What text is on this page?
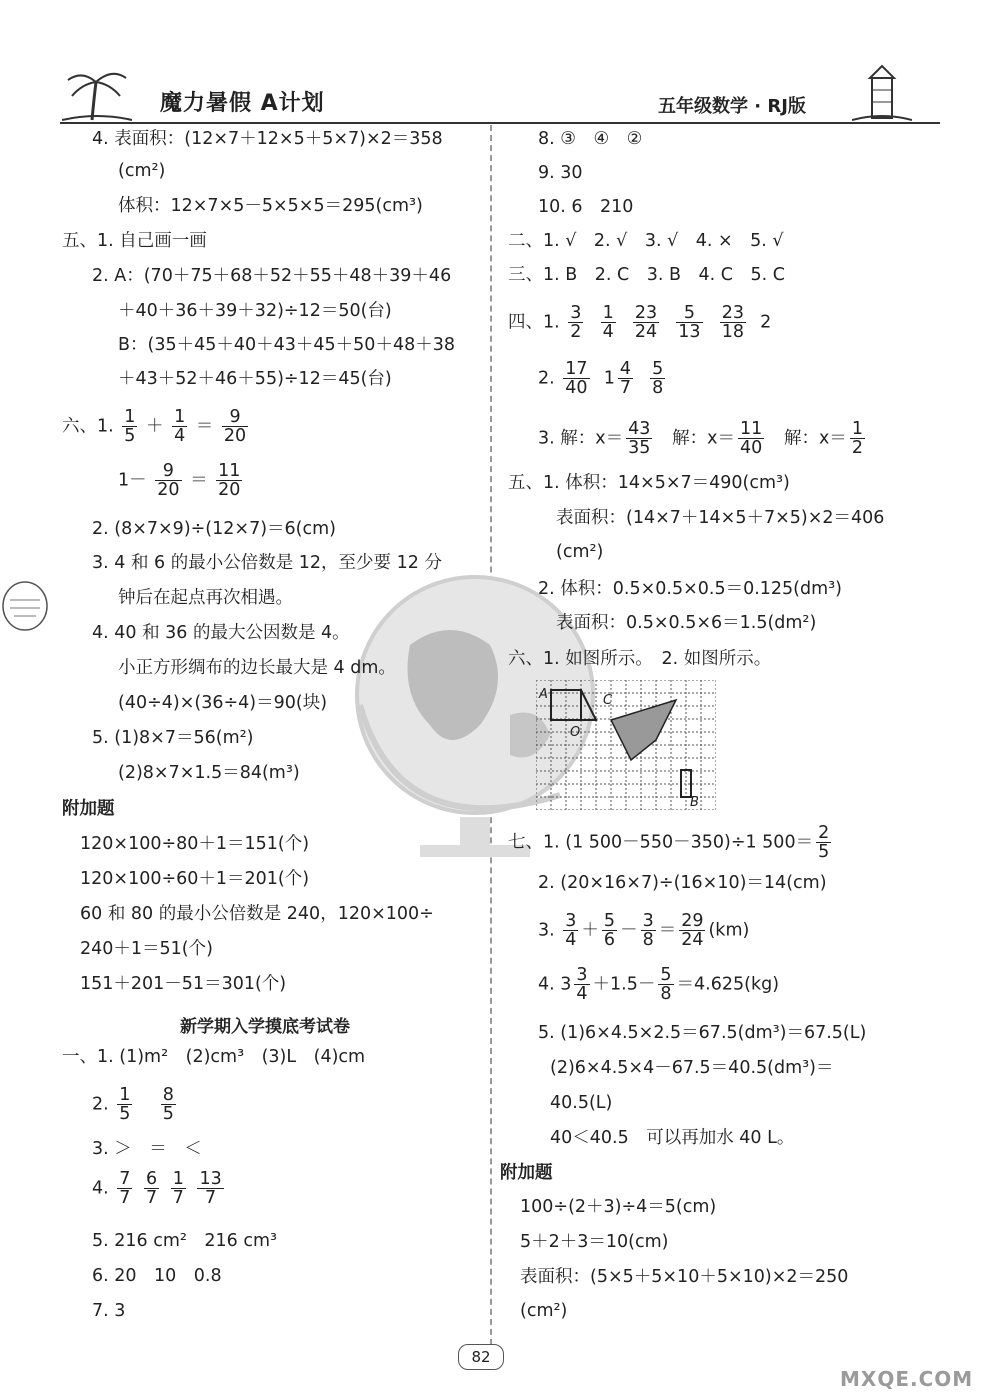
魔力暑假 A计划	五年级数学 · RJ版
4. 表面积：(12×7＋12×5＋5×7)×2＝358
(cm²)
体积：12×7×5－5×5×5＝295(cm³)
五、1. 自己画一画
2. A：(70＋75＋68＋52＋55＋48＋39＋46
＋40＋36＋39＋32)÷12＝50(台)
B：(35＋45＋40＋43＋45＋50＋48＋38
＋43＋52＋46＋55)÷12＝45(台)
六、1. $\frac{1}{5} + \frac{1}{4} = \frac{9}{20}$
$1- \frac{9}{20} = \frac{11}{20}$
2. (8×7×9)÷(12×7)＝6(cm)
3. 4 和 6 的最小公倍数是 12，至少要 12 分
钟后在起点再次相遇。
4. 40 和 36 的最大公因数是 4。
小正方形绸布的边长最大是 4 dm。
(40÷4)×(36÷4)＝90(块)
5. (1)8×7＝56(m²)
(2)8×7×1.5＝84(m³)
附加题
120×100÷80＋1＝151(个)
120×100÷60＋1＝201(个)
60 和 80 的最小公倍数是 240，120×100÷
240＋1＝51(个)
151＋201－51＝301(个)
新学期入学摸底考试卷
一、1. (1)m²　(2)cm³　(3)L　(4)cm
2. $\frac{1}{5}$
$\frac{8}{5}$
3. ＞　＝　＜
4. $\frac{7}{7}$
$\frac{6}{7}$
$\frac{1}{7}$
$\frac{13}{7}$
5. 216 cm²　216 cm³
6. 20　10　0.8
7. 3
8. ③　④　②
9. 30
10. 6　210
二、1. √　2. √　3. √　4. ×　5. √
三、1. B　2. C　3. B　4. C　5. C
四、1. $\frac{3}{2}$
$\frac{1}{4}$
$\frac{23}{24}$
$\frac{5}{13}$
$\frac{23}{18} 2$
2. $\frac{17}{40} 1 \frac{4}{7}$
$\frac{5}{8}$
3. 解：$x= \frac{43}{35}$ 解：$x= \frac{11}{40}$ 解：$x= \frac{1}{2}$
五、1. 体积：14×5×7＝490(cm³)
表面积：(14×7＋14×5＋7×5)×2＝406
(cm²)
2. 体积：0.5×0.5×0.5＝0.125(dm³)
表面积：0.5×0.5×6＝1.5(dm²)
六、1. 如图所示。　2. 如图所示。
A	C
O
B
七、1. (1 500－550－350)÷1 $500= \frac{2}{5}$
2. (20×16×7)÷(16×10)＝14(cm)
3. $\frac{3}{4} + \frac{5}{6} - \frac{3}{8} = \frac{29}{24} (km)$
4. $3 \frac{3}{4} +1.5- \frac{5}{8} =4.625(kg)$
5. (1)6×4.5×2.5＝67.5(dm³)＝67.5(L)
(2)6×4.5×4－67.5＝40.5(dm³)＝
40.5(L)
40＜40.5　可以再加水 40 L。
附加题
100÷(2＋3)÷4＝5(cm)
5＋2＋3＝10(cm)
表面积：(5×5＋5×10＋5×10)×2＝250
(cm²)
82
MXQE.COM
